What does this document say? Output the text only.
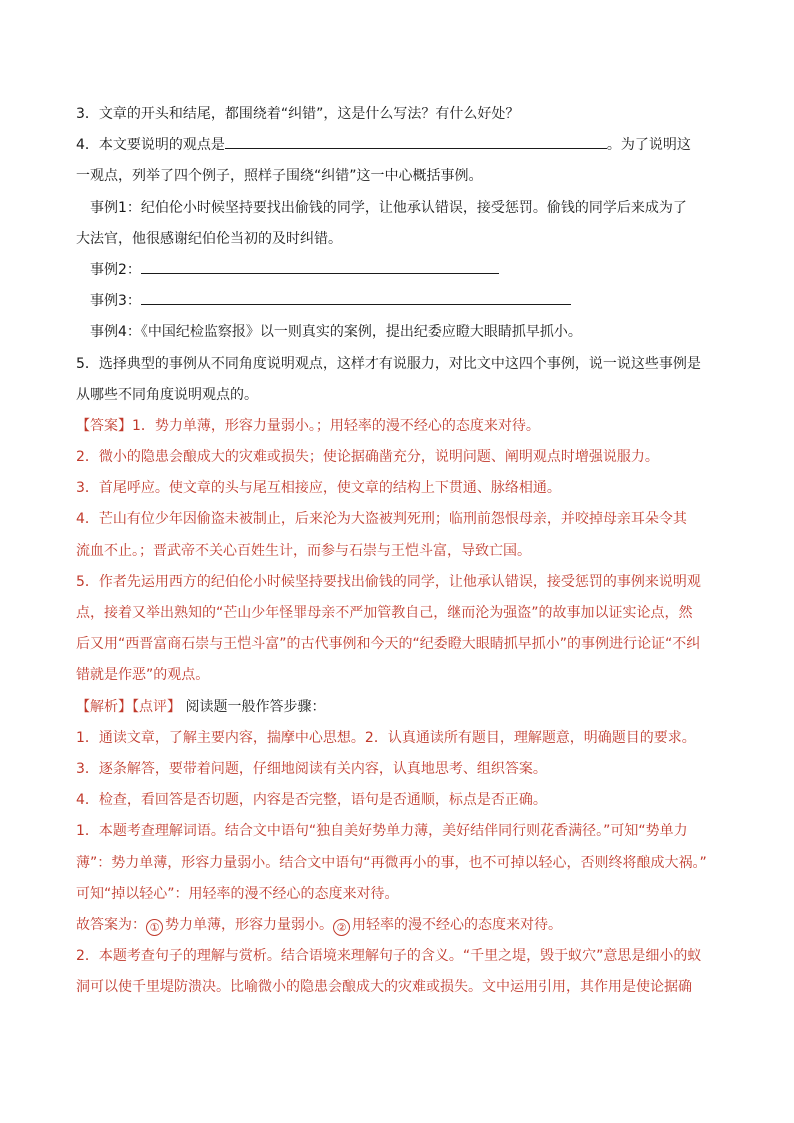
3．文章的开头和结尾，都围绕着“纠错”，这是什么写法？有什么好处？
4．本文要说明的观点是	。为了说明这
一观点，列举了四个例子，照样子围绕“纠错”这一中心概括事例。
事例1：纪伯伦小时候坚持要找出偷钱的同学，让他承认错误，接受惩罚。偷钱的同学后来成为了
大法官，他很感谢纪伯伦当初的及时纠错。
事例2：
事例3：
事例4：《中国纪检监察报》以一则真实的案例，提出纪委应瞪大眼睛抓早抓小。
5．选择典型的事例从不同角度说明观点，这样才有说服力，对比文中这四个事例，说一说这些事例是
从哪些不同角度说明观点的。
【答案】1．势力单薄，形容力量弱小。；用轻率的漫不经心的态度来对待。
2．微小的隐患会酿成大的灾难或损失；使论据确凿充分，说明问题、阐明观点时增强说服力。
3．首尾呼应。使文章的头与尾互相接应，使文章的结构上下贯通、脉络相通。
4．芒山有位少年因偷盗未被制止，后来沦为大盗被判死刑；临刑前怨恨母亲，并咬掉母亲耳朵令其
流血不止。；晋武帝不关心百姓生计，而参与石崇与王恺斗富，导致亡国。
5．作者先运用西方的纪伯伦小时候坚持要找出偷钱的同学，让他承认错误，接受惩罚的事例来说明观
点，接着又举出熟知的“芒山少年怪罪母亲不严加管教自己，继而沦为强盗”的故事加以证实论点，然
后又用“西晋富商石崇与王恺斗富”的古代事例和今天的“纪委瞪大眼睛抓早抓小”的事例进行论证“不纠
错就是作恶”的观点。
【解析】【点评】 阅读题一般作答步骤：
1．通读文章，了解主要内容，揣摩中心思想。2．认真通读所有题目，理解题意，明确题目的要求。
3．逐条解答，要带着问题，仔细地阅读有关内容，认真地思考、组织答案。
4．检查，看回答是否切题，内容是否完整，语句是否通顺，标点是否正确。
1．本题考查理解词语。结合文中语句“独自美好势单力薄，美好结伴同行则花香满径。”可知“势单力
薄”：势力单薄，形容力量弱小。结合文中语句“再微再小的事，也不可掉以轻心，否则终将酿成大祸。”
可知“掉以轻心”：用轻率的漫不经心的态度来对待。
故答案为： ① 势力单薄，形容力量弱小。 ② 用轻率的漫不经心的态度来对待。
2．本题考查句子的理解与赏析。结合语境来理解句子的含义。“千里之堤，毁于蚁穴”意思是细小的蚁
洞可以使千里堤防溃决。比喻微小的隐患会酿成大的灾难或损失。文中运用引用，其作用是使论据确
